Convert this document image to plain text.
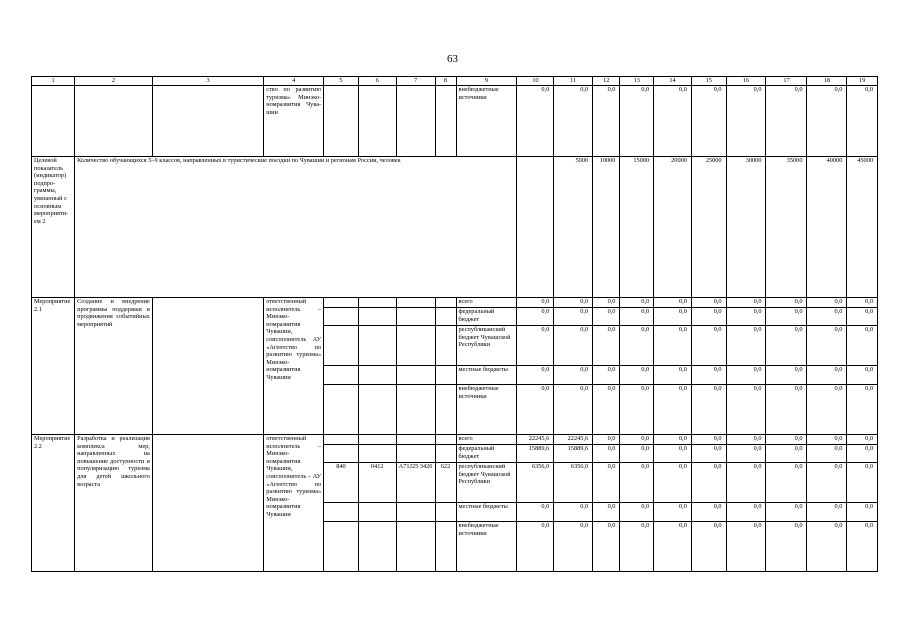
63
1	2	3	4	5	6	7	8	9	10	11	12	13	14	15	16	17	18	19
			ство по развитию туризма» Минэкономразвития Чувашии					внебюджетные источники	0,0	0,0	0,0	0,0	0,0	0,0	0,0	0,0	0,0	0,0
Целевой показатель (индикатор) подпрограммы, увязанный с основным мероприятием 2	Количество обучающихся 5–9 классов, направленных в туристические поездки по Чувашии и регионам России, человек									5000	10000	15000	20000	25000	30000	35000	40000	45000
Мероприятие 2.1	Создание и внедрение программы поддержки и продвижения событийных мероприятий		ответственный исполнитель – Минэкономразвития Чувашии, соисполнитель АУ «Агентство по развитию туризма» Минэкономразвития Чувашии					всего	0,0	0,0	0,0	0,0	0,0	0,0	0,0	0,0	0,0	0,0
								федеральный бюджет	0,0	0,0	0,0	0,0	0,0	0,0	0,0	0,0	0,0	0,0
								республиканский бюджет Чувашской Республики	0,0	0,0	0,0	0,0	0,0	0,0	0,0	0,0	0,0	0,0
								местные бюджеты	0,0	0,0	0,0	0,0	0,0	0,0	0,0	0,0	0,0	0,0
								внебюджетные источники	0,0	0,0	0,0	0,0	0,0	0,0	0,0	0,0	0,0	0,0
Мероприятие 2.2	Разработка и реализация комплекса мер, направленных на повышение доступности и популяризацию туризма для детей школьного возраста		ответственный исполнитель – Минэкономразвития Чувашии, соисполнитель – АУ «Агентство по развитию туризма» Минэкономразвития Чувашии					всего	22245,6	22245,6	0,0	0,0	0,0	0,0	0,0	0,0	0,0	0,0
								федеральный бюджет	15889,6	15889,6	0,0	0,0	0,0	0,0	0,0	0,0	0,0	0,0
				840	0412	А71J25 3420	622	республиканский бюджет Чувашской Республики	6356,0	6356,0	0,0	0,0	0,0	0,0	0,0	0,0	0,0	0,0
								местные бюджеты	0,0	0,0	0,0	0,0	0,0	0,0	0,0	0,0	0,0	0,0
								внебюджетные источники	0,0	0,0	0,0	0,0	0,0	0,0	0,0	0,0	0,0	0,0
